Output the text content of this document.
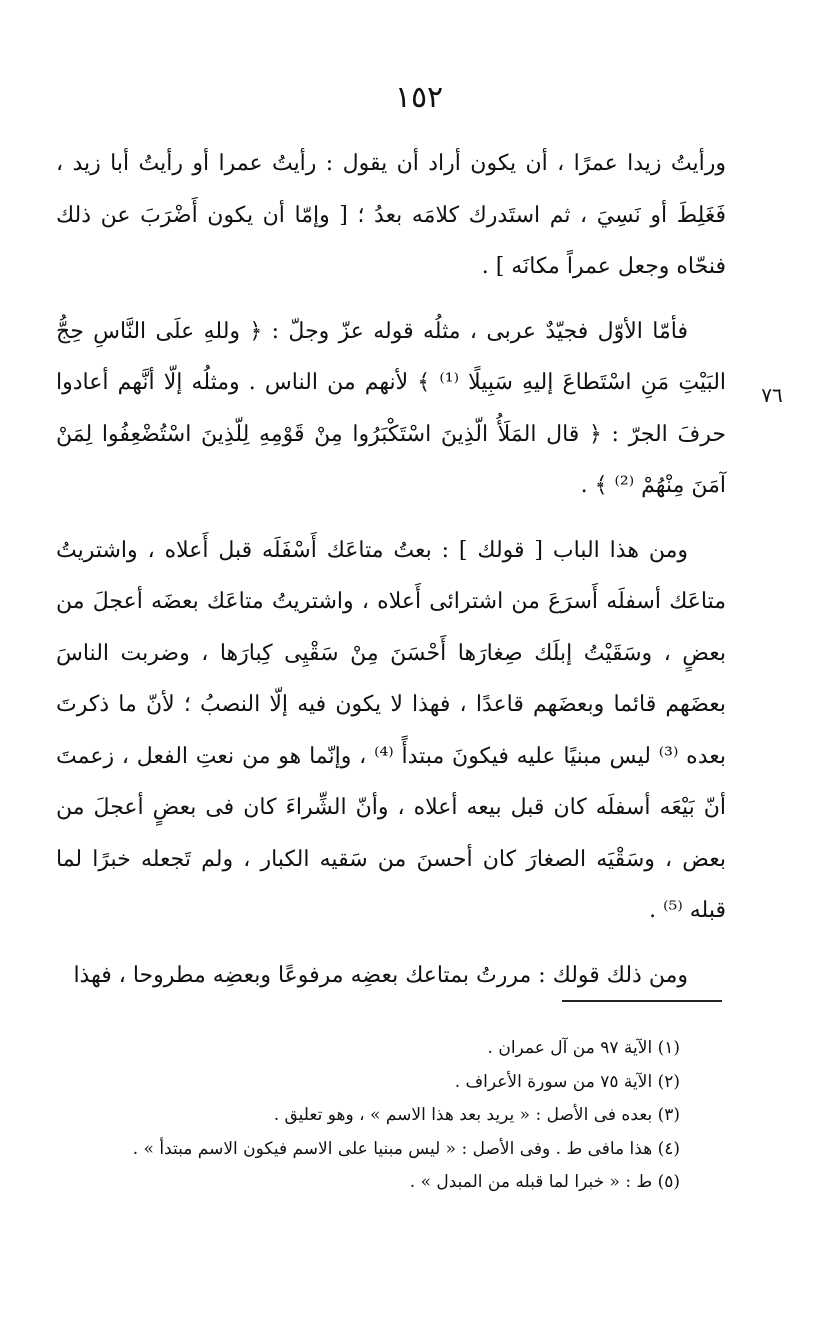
١٥٢
٧٦

ورأيتُ زيدا عمرًا ، أن يكون أراد أن يقول : رأيتُ عمرا أو رأيتُ أبا زيد ، فَغَلِطَ أو نَسِيَ ، ثم استَدرك كلامَه بعدُ ؛ [ وإمّا أن يكون أَضْرَبَ عن ذلك فنحّاه وجعل عمراً مكانَه ] .

فأمّا الأوّل فجيّدٌ عربى ، مثلُه قوله عزّ وجلّ : ﴿ وللهِ علَى النَّاسِ حِجُّ البَيْتِ مَنِ اسْتَطاعَ إليهِ سَبِيلًا ⁽¹⁾ ﴾ لأنهم من الناس . ومثلُه إلّا أنَّهم أعادوا حرفَ الجرّ : ﴿ قال المَلَأُ الّذِينَ اسْتَكْبَرُوا مِنْ قَوْمِهِ لِلّذِينَ اسْتُضْعِفُوا لِمَنْ آمَنَ مِنْهُمْ ⁽²⁾ ﴾ .

ومن هذا الباب [ قولك ] : بعتُ متاعَك أَسْفَلَه قبل أَعلاه ، واشتريتُ متاعَك أسفلَه أَسرَعَ من اشترائى أَعلاه ، واشتريتُ متاعَك بعضَه أعجلَ من بعضٍ ، وسَقَيْتُ إبلَك صِغارَها أَحْسَنَ مِنْ سَقْيِى كِبارَها ، وضربت الناسَ بعضَهم قائما وبعضَهم قاعدًا ، فهذا لا يكون فيه إلّا النصبُ ؛ لأنّ ما ذكرتَ بعده ⁽³⁾ ليس مبنيًا عليه فيكونَ مبتدأً ⁽⁴⁾ ، وإنّما هو من نعتِ الفعل ، زعمتَ أنّ بَيْعَه أسفلَه كان قبل بيعه أعلاه ، وأنّ الشِّراءَ كان فى بعضٍ أعجلَ من بعض ، وسَقْيَه الصغارَ كان أحسنَ من سَقيه الكبار ، ولم تَجعله خبرًا لما قبله ⁽⁵⁾ .

ومن ذلك قولك : مررتُ بمتاعك بعضِه مرفوعًا وبعضِه مطروحا ، فهذا

(١) الآية ٩٧ من آل عمران .
(٢) الآية ٧٥ من سورة الأعراف .
(٣) بعده فى الأصل : « يريد بعد هذا الاسم » ، وهو تعليق .
(٤) هذا مافى ط . وفى الأصل : « ليس مبنيا على الاسم فيكون الاسم مبتدأ » .
(٥) ط : « خبرا لما قبله من المبدل » .
